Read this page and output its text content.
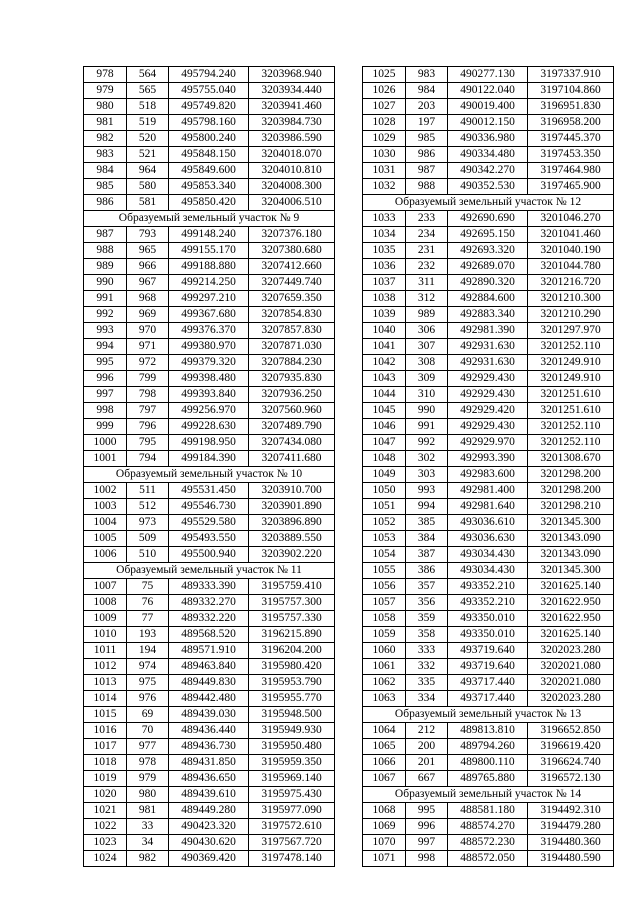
978	564	495794.240	3203968.940
979	565	495755.040	3203934.440
980	518	495749.820	3203941.460
981	519	495798.160	3203984.730
982	520	495800.240	3203986.590
983	521	495848.150	3204018.070
984	964	495849.600	3204010.810
985	580	495853.340	3204008.300
986	581	495850.420	3204006.510
Образуемый земельный участок № 9			
987	793	499148.240	3207376.180
988	965	499155.170	3207380.680
989	966	499188.880	3207412.660
990	967	499214.250	3207449.740
991	968	499297.210	3207659.350
992	969	499367.680	3207854.830
993	970	499376.370	3207857.830
994	971	499380.970	3207871.030
995	972	499379.320	3207884.230
996	799	499398.480	3207935.830
997	798	499393.840	3207936.250
998	797	499256.970	3207560.960
999	796	499228.630	3207489.790
1000	795	499198.950	3207434.080
1001	794	499184.390	3207411.680
Образуемый земельный участок № 10			
1002	511	495531.450	3203910.700
1003	512	495546.730	3203901.890
1004	973	495529.580	3203896.890
1005	509	495493.550	3203889.550
1006	510	495500.940	3203902.220
Образуемый земельный участок № 11			
1007	75	489333.390	3195759.410
1008	76	489332.270	3195757.300
1009	77	489332.220	3195757.330
1010	193	489568.520	3196215.890
1011	194	489571.910	3196204.200
1012	974	489463.840	3195980.420
1013	975	489449.830	3195953.790
1014	976	489442.480	3195955.770
1015	69	489439.030	3195948.500
1016	70	489436.440	3195949.930
1017	977	489436.730	3195950.480
1018	978	489431.850	3195959.350
1019	979	489436.650	3195969.140
1020	980	489439.610	3195975.430
1021	981	489449.280	3195977.090
1022	33	490423.320	3197572.610
1023	34	490430.620	3197567.720
1024	982	490369.420	3197478.140
1025	983	490277.130	3197337.910
1026	984	490122.040	3197104.860
1027	203	490019.400	3196951.830
1028	197	490012.150	3196958.200
1029	985	490336.980	3197445.370
1030	986	490334.480	3197453.350
1031	987	490342.270	3197464.980
1032	988	490352.530	3197465.900
Образуемый земельный участок № 12			
1033	233	492690.690	3201046.270
1034	234	492695.150	3201041.460
1035	231	492693.320	3201040.190
1036	232	492689.070	3201044.780
1037	311	492890.320	3201216.720
1038	312	492884.600	3201210.300
1039	989	492883.340	3201210.290
1040	306	492981.390	3201297.970
1041	307	492931.630	3201252.110
1042	308	492931.630	3201249.910
1043	309	492929.430	3201249.910
1044	310	492929.430	3201251.610
1045	990	492929.420	3201251.610
1046	991	492929.430	3201252.110
1047	992	492929.970	3201252.110
1048	302	492993.390	3201308.670
1049	303	492983.600	3201298.200
1050	993	492981.400	3201298.200
1051	994	492981.640	3201298.210
1052	385	493036.610	3201345.300
1053	384	493036.630	3201343.090
1054	387	493034.430	3201343.090
1055	386	493034.430	3201345.300
1056	357	493352.210	3201625.140
1057	356	493352.210	3201622.950
1058	359	493350.010	3201622.950
1059	358	493350.010	3201625.140
1060	333	493719.640	3202023.280
1061	332	493719.640	3202021.080
1062	335	493717.440	3202021.080
1063	334	493717.440	3202023.280
Образуемый земельный участок № 13			
1064	212	489813.810	3196652.850
1065	200	489794.260	3196619.420
1066	201	489800.110	3196624.740
1067	667	489765.880	3196572.130
Образуемый земельный участок № 14			
1068	995	488581.180	3194492.310
1069	996	488574.270	3194479.280
1070	997	488572.230	3194480.360
1071	998	488572.050	3194480.590
